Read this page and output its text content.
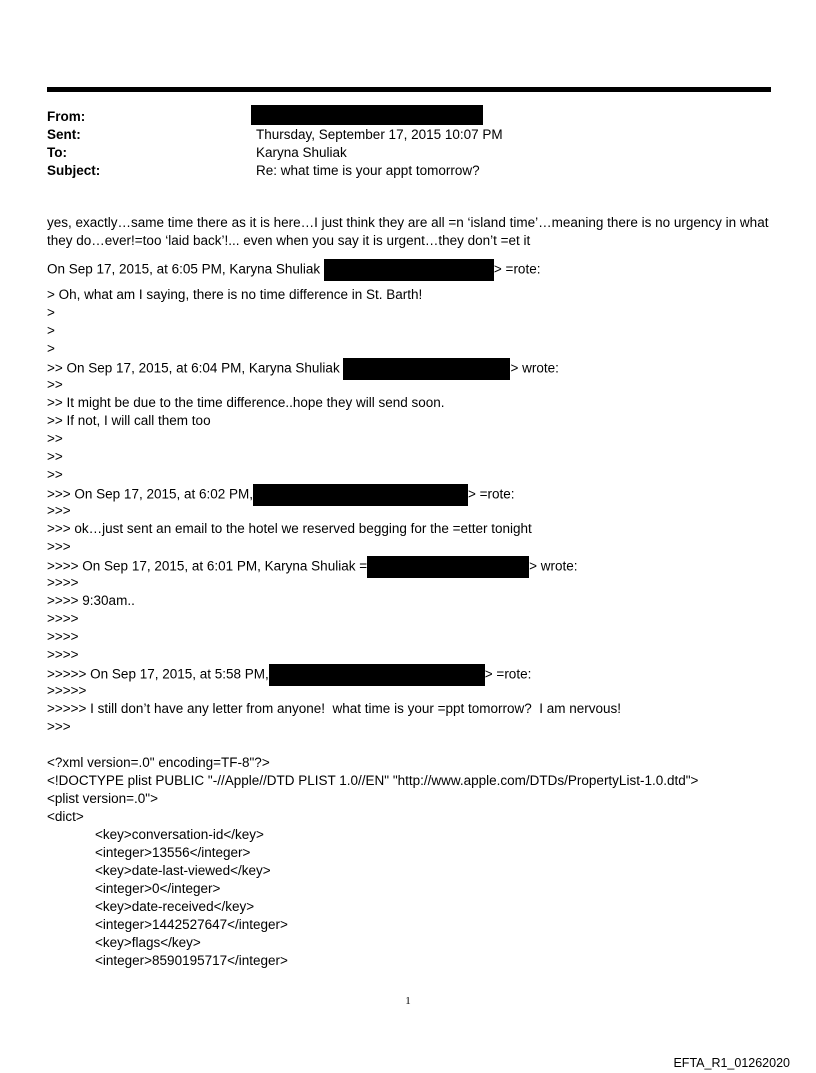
From:
Sent:	Thursday, September 17, 2015 10:07 PM
To:	Karyna Shuliak
Subject:	Re: what time is your appt tomorrow?
yes, exactly…same time there as it is here…I just think they are all =n ‘island time’…meaning there is no urgency in what they do…ever!=too ‘laid back’!... even when you say it is urgent…they don’t =et it
On Sep 17, 2015, at 6:05 PM, Karyna Shuliak	> =rote:
> Oh, what am I saying, there is no time difference in St. Barth!
>
>
>
>> On Sep 17, 2015, at 6:04 PM, Karyna Shuliak	> wrote:
>>
>> It might be due to the time difference..hope they will send soon.
>> If not, I will call them too
>>
>>
>>
>>> On Sep 17, 2015, at 6:02 PM,	> =rote:
>>>
>>> ok…just sent an email to the hotel we reserved begging for the =etter tonight
>>>
>>>> On Sep 17, 2015, at 6:01 PM, Karyna Shuliak =	> wrote:
>>>>
>>>> 9:30am..
>>>>
>>>>
>>>>
>>>>> On Sep 17, 2015, at 5:58 PM,	> =rote:
>>>>>
>>>>> I still don’t have any letter from anyone!  what time is your =ppt tomorrow?  I am nervous!
>>>
<?xml version=.0" encoding=TF-8"?>
<!DOCTYPE plist PUBLIC "-//Apple//DTD PLIST 1.0//EN" "http://www.apple.com/DTDs/PropertyList-1.0.dtd">
<plist version=.0">
<dict>
<key>conversation-id</key>
<integer>13556</integer>
<key>date-last-viewed</key>
<integer>0</integer>
<key>date-received</key>
<integer>1442527647</integer>
<key>flags</key>
<integer>8590195717</integer>
1
EFTA_R1_01262020
